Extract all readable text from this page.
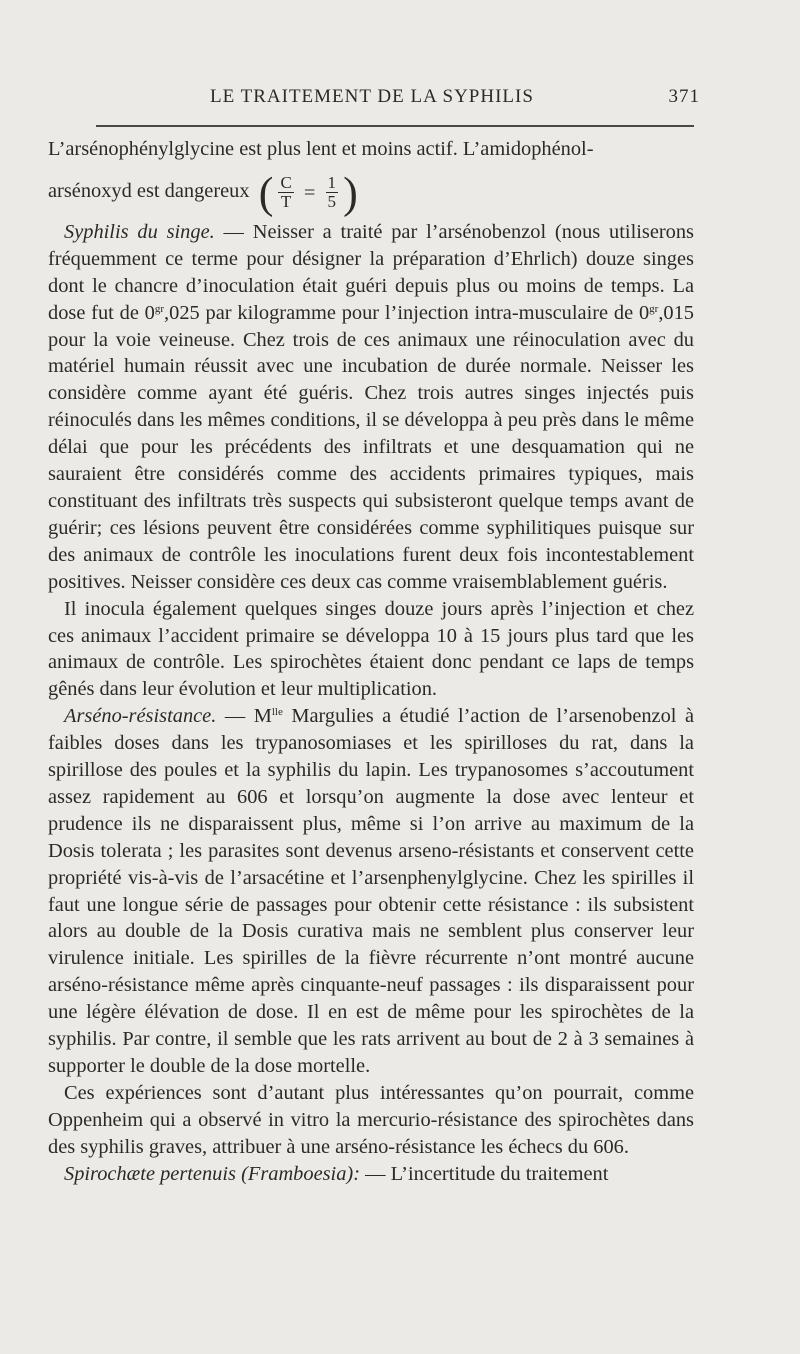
LE TRAITEMENT DE LA SYPHILIS	371

L’arsénophénylglycine est plus lent et moins actif. L’amidophénol-

arsénoxyd est dangereux ( $\frac{C}{T} = \frac{1}{5}$ )

Syphilis du singe. — Neisser a traité par l’arsénobenzol (nous utiliserons fréquemment ce terme pour désigner la préparation d’Ehrlich) douze singes dont le chancre d’inoculation était guéri depuis plus ou moins de temps. La dose fut de $0^{gr},025$ par kilogramme pour l’injection intra-musculaire de $0^{gr},015$ pour la voie veineuse. Chez trois de ces animaux une réinoculation avec du matériel humain réussit avec une incubation de durée normale. Neisser les considère comme ayant été guéris. Chez trois autres singes injectés puis réinoculés dans les mêmes conditions, il se développa à peu près dans le même délai que pour les précédents des infiltrats et une desquamation qui ne sauraient être considérés comme des accidents primaires typiques, mais constituant des infiltrats très suspects qui subsisteront quelque temps avant de guérir; ces lésions peuvent être considérées comme syphilitiques puisque sur des animaux de contrôle les inoculations furent deux fois incontestablement positives. Neisser considère ces deux cas comme vraisemblablement guéris.

Il inocula également quelques singes douze jours après l’injection et chez ces animaux l’accident primaire se développa 10 à 15 jours plus tard que les animaux de contrôle. Les spirochètes étaient donc pendant ce laps de temps gênés dans leur évolution et leur multiplication.

Arséno-résistance. — $M^{lle}$ Margulies a étudié l’action de l’arsenobenzol à faibles doses dans les trypanosomiases et les spirilloses du rat, dans la spirillose des poules et la syphilis du lapin. Les trypanosomes s’accoutument assez rapidement au 606 et lorsqu’on augmente la dose avec lenteur et prudence ils ne disparaissent plus, même si l’on arrive au maximum de la Dosis tolerata ; les parasites sont devenus arseno-résistants et conservent cette propriété vis-à-vis de l’arsacétine et l’arsenphenylglycine. Chez les spirilles il faut une longue série de passages pour obtenir cette résistance : ils subsistent alors au double de la Dosis curativa mais ne semblent plus conserver leur virulence initiale. Les spirilles de la fièvre récurrente n’ont montré aucune arséno-résistance même après cinquante-neuf passages : ils disparaissent pour une légère élévation de dose. Il en est de même pour les spirochètes de la syphilis. Par contre, il semble que les rats arrivent au bout de 2 à 3 semaines à supporter le double de la dose mortelle.

Ces expériences sont d’autant plus intéressantes qu’on pourrait, comme Oppenheim qui a observé in vitro la mercurio-résistance des spirochètes dans des syphilis graves, attribuer à une arséno-résistance les échecs du 606.

Spirochæte pertenuis (Framboesia): — L’incertitude du traitement
